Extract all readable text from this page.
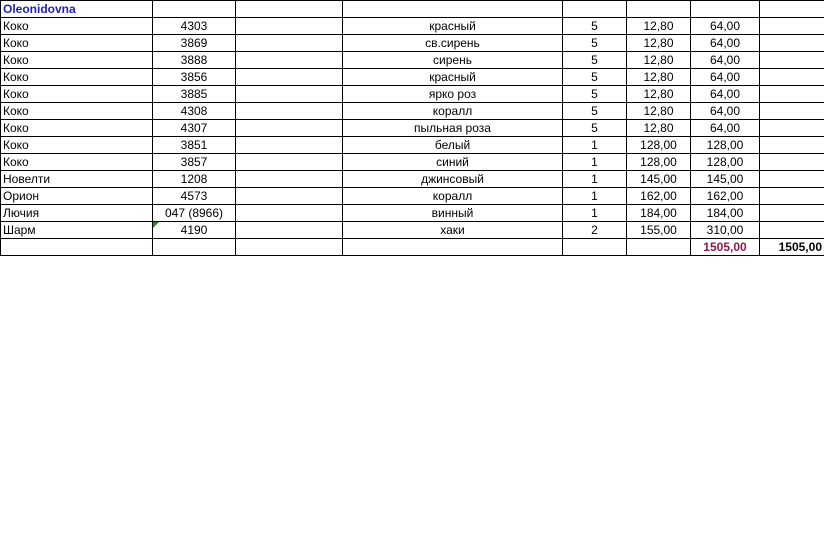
Oleonidovna							
Коко	4303		красный	5	12,80	64,00	
Коко	3869		св.сирень	5	12,80	64,00	
Коко	3888		сирень	5	12,80	64,00	
Коко	3856		красный	5	12,80	64,00	
Коко	3885		ярко роз	5	12,80	64,00	
Коко	4308		коралл	5	12,80	64,00	
Коко	4307		пыльная роза	5	12,80	64,00	
Коко	3851		белый	1	128,00	128,00	
Коко	3857		синий	1	128,00	128,00	
Новелти	1208		джинсовый	1	145,00	145,00	
Орион	4573		коралл	1	162,00	162,00	
Лючия	047 (8966)		винный	1	184,00	184,00	
Шарм	4190		хаки	2	155,00	310,00	
						1505,00	1505,00
